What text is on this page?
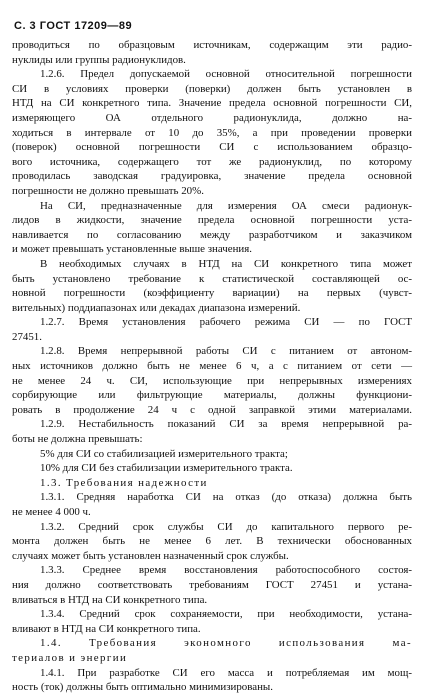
С. 3 ГОСТ 17209—89
проводиться по образцовым источникам, содержащим эти радио-
нуклиды или группы радионуклидов.
1.2.6. Предел допускаемой основной относительной погрешности
СИ в условиях проверки (поверки) должен быть установлен в
НТД на СИ конкретного типа. Значение предела основной погрешности СИ,
измеряющего ОА отдельного радионуклида, должно на-
ходиться в интервале от 10 до 35%, а при проведении проверки
(поверок) основной погрешности СИ с использованием образцо-
вого источника, содержащего тот же радионуклид, по которому
проводилась заводская градуировка, значение предела основной
погрешности не должно превышать 20%.
На СИ, предназначенные для измерения ОА смеси радионук-
лидов в жидкости, значение предела основной погрешности уста-
навливается по согласованию между разработчиком и заказчиком
и может превышать установленные выше значения.
В необходимых случаях в НТД на СИ конкретного типа может
быть установлено требование к статистической составляющей ос-
новной погрешности (коэффициенту вариации) на первых (чувст-
вительных) поддиапазонах или декадах диапазона измерений.
1.2.7. Время установления рабочего режима СИ — по ГОСТ
27451.
1.2.8. Время непрерывной работы СИ с питанием от автоном-
ных источников должно быть не менее 6 ч, а с питанием от сети —
не менее 24 ч. СИ, использующие при непрерывных измерениях
сорбирующие или фильтрующие материалы, должны функциони-
ровать в продолжение 24 ч с одной заправкой этими материалами.
1.2.9. Нестабильность показаний СИ за время непрерывной ра-
боты не должна превышать:
5% для СИ со стабилизацией измерительного тракта;
10% для СИ без стабилизации измерительного тракта.
1.3. Требования надежности
1.3.1. Средняя наработка СИ на отказ (до отказа) должна быть
не менее 4 000 ч.
1.3.2. Средний срок службы СИ до капитального первого ре-
монта должен быть не менее 6 лет. В технически обоснованных
случаях может быть установлен назначенный срок службы.
1.3.3. Среднее время восстановления работоспособного состоя-
ния должно соответствовать требованиям ГОСТ 27451 и устана-
вливаться в НТД на СИ конкретного типа.
1.3.4. Средний срок сохраняемости, при необходимости, устана-
вливают в НТД на СИ конкретного типа.
1.4. Требования экономного использования ма-
териалов и энергии
1.4.1. При разработке СИ его масса и потребляемая им мощ-
ность (ток) должны быть оптимально минимизированы.
